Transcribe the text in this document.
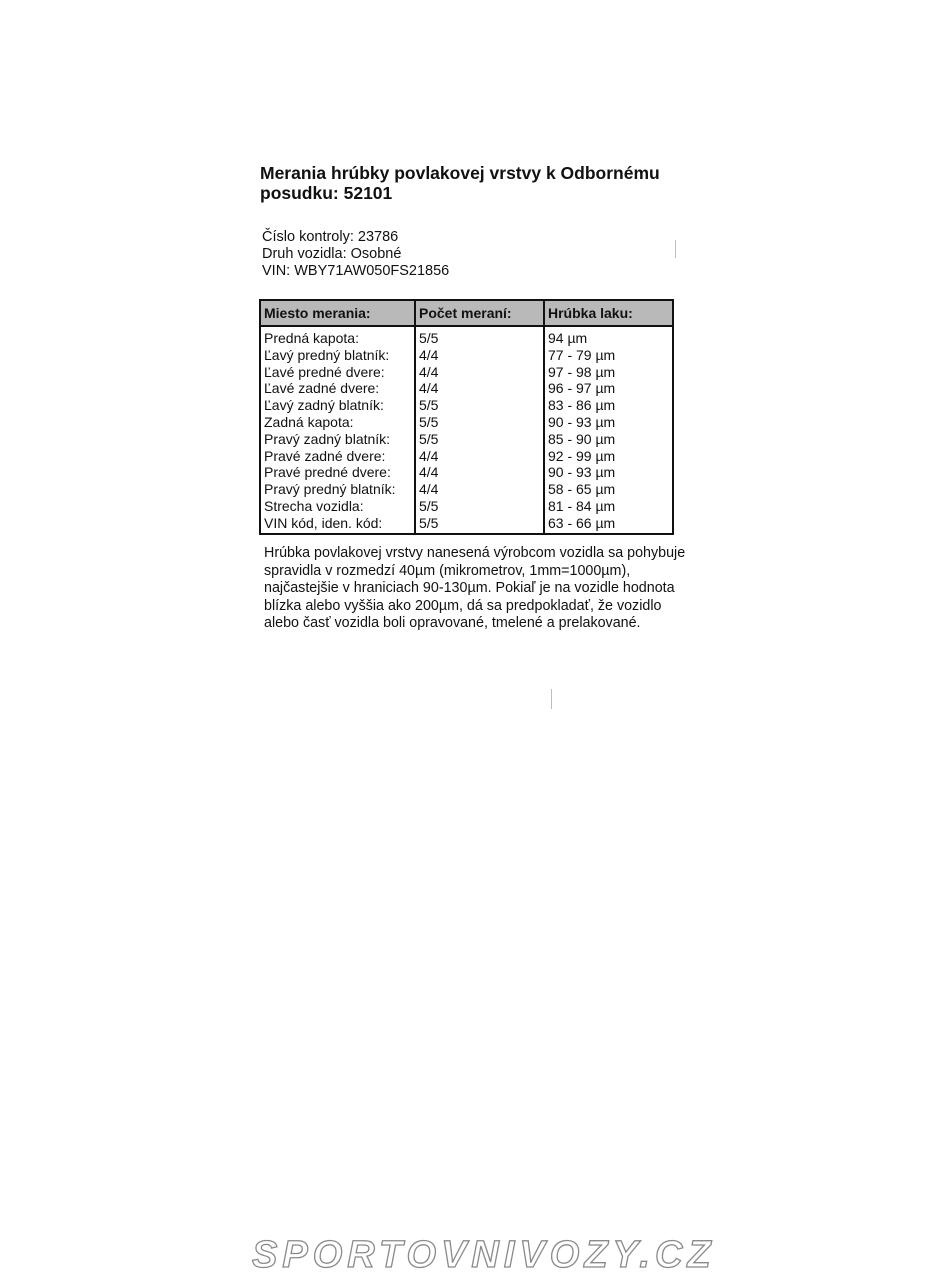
Merania hrúbky povlakovej vrstvy k Odbornému posudku: 52101
Číslo kontroly: 23786
Druh vozidla: Osobné
VIN: WBY71AW050FS21856
Miesto merania:	Počet meraní:	Hrúbka laku:
Predná kapota:	5/5	94 µm
Ľavý predný blatník:	4/4	77 - 79 µm
Ľavé predné dvere:	4/4	97 - 98 µm
Ľavé zadné dvere:	4/4	96 - 97 µm
Ľavý zadný blatník:	5/5	83 - 86 µm
Zadná kapota:	5/5	90 - 93 µm
Pravý zadný blatník:	5/5	85 - 90 µm
Pravé zadné dvere:	4/4	92 - 99 µm
Pravé predné dvere:	4/4	90 - 93 µm
Pravý predný blatník:	4/4	58 - 65 µm
Strecha vozidla:	5/5	81 - 84 µm
VIN kód, iden. kód:	5/5	63 - 66 µm

Hrúbka povlakovej vrstvy nanesená výrobcom vozidla sa pohybuje spravidla v rozmedzí 40µm (mikrometrov, 1mm=1000µm), najčastejšie v hraniciach 90-130µm. Pokiaľ je na vozidle hodnota blízka alebo vyššia ako 200µm, dá sa predpokladať, že vozidlo alebo časť vozidla boli opravované, tmelené a prelakované.

SPORTOVNIVOZY.CZ
